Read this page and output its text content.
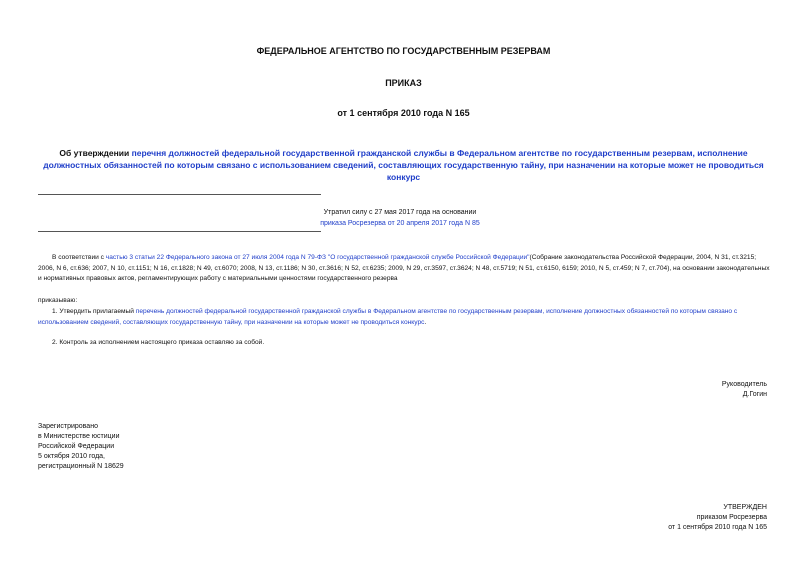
ФЕДЕРАЛЬНОЕ АГЕНТСТВО ПО ГОСУДАРСТВЕННЫМ РЕЗЕРВАМ
ПРИКАЗ
от 1 сентября 2010 года N 165
Об утверждении перечня должностей федеральной государственной гражданской службы в Федеральном агентстве по государственным резервам, исполнение должностных обязанностей по которым связано с использованием сведений, составляющих государственную тайну, при назначении на которые может не проводиться конкурс
Утратил силу с 27 мая 2017 года на основании
приказа Росрезерва от 20 апреля 2017 года N 85
В соответствии с частью 3 статьи 22 Федерального закона от 27 июля 2004 года N 79-ФЗ "О государственной гражданской службе Российской Федерации"(Собрание законодательства Российской Федерации, 2004, N 31, ст.3215; 2006, N 6, ст.636; 2007, N 10, ст.1151; N 16, ст.1828; N 49, ст.6070; 2008, N 13, ст.1186; N 30, ст.3616; N 52, ст.6235; 2009, N 29, ст.3597, ст.3624; N 48, ст.5719; N 51, ст.6150, 6159; 2010, N 5, ст.459; N 7, ст.704), на основании законодательных и нормативных правовых актов, регламентирующих работу с материальными ценностями государственного резерва
приказываю:
1. Утвердить прилагаемый перечень должностей федеральной государственной гражданской службы в Федеральном агентстве по государственным резервам, исполнение должностных обязанностей по которым связано с использованием сведений, составляющих государственную тайну, при назначении на которые может не проводиться конкурс.
2. Контроль за исполнением настоящего приказа оставляю за собой.
Руководитель
Д.Гогин
Зарегистрировано
в Министерстве юстиции
Российской Федерации
5 октября 2010 года,
регистрационный N 18629
УТВЕРЖДЕН
приказом Росрезерва
от 1 сентября 2010 года N 165
